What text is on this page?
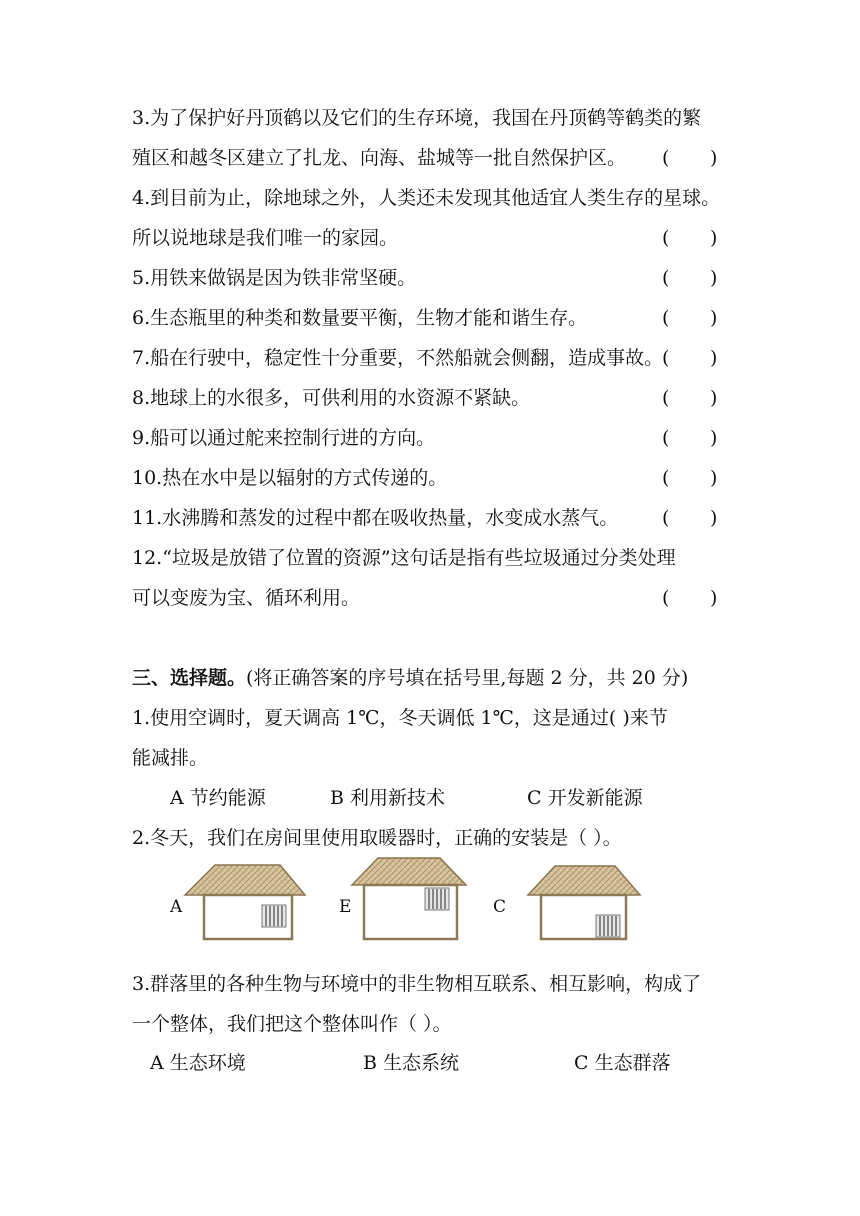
3.为了保护好丹顶鹤以及它们的生存环境，我国在丹顶鹤等鹤类的繁
殖区和越冬区建立了扎龙、向海、盐城等一批自然保护区。 ( )
4.到目前为止，除地球之外，人类还未发现其他适宜人类生存的星球。
所以说地球是我们唯一的家园。	( )
5.用铁来做锅是因为铁非常坚硬。	( )
6.生态瓶里的种类和数量要平衡，生物才能和谐生存。	( )
7.船在行驶中，稳定性十分重要，不然船就会侧翻，造成事故。
( )
8.地球上的水很多，可供利用的水资源不紧缺。	( )
9.船可以通过舵来控制行进的方向。	( )
10.热在水中是以辐射的方式传递的。	( )
11.水沸腾和蒸发的过程中都在吸收热量，水变成水蒸气。 ( )
12.“垃圾是放错了位置的资源”这句话是指有些垃圾通过分类处理
可以变废为宝、循环利用。	( )
三、选择题。(将正确答案的序号填在括号里,每题 2 分，共 20 分)
1.使用空调时，夏天调高 1℃，冬天调低 1℃，这是通过( )来节
能减排。
A 节约能源	B 利用新技术	C 开发新能源
2.冬天，我们在房间里使用取暖器时，正确的安装是（ ）。
A	E	C
3.群落里的各种生物与环境中的非生物相互联系、相互影响，构成了
一个整体，我们把这个整体叫作（ ）。
A 生态环境	B 生态系统	C 生态群落
